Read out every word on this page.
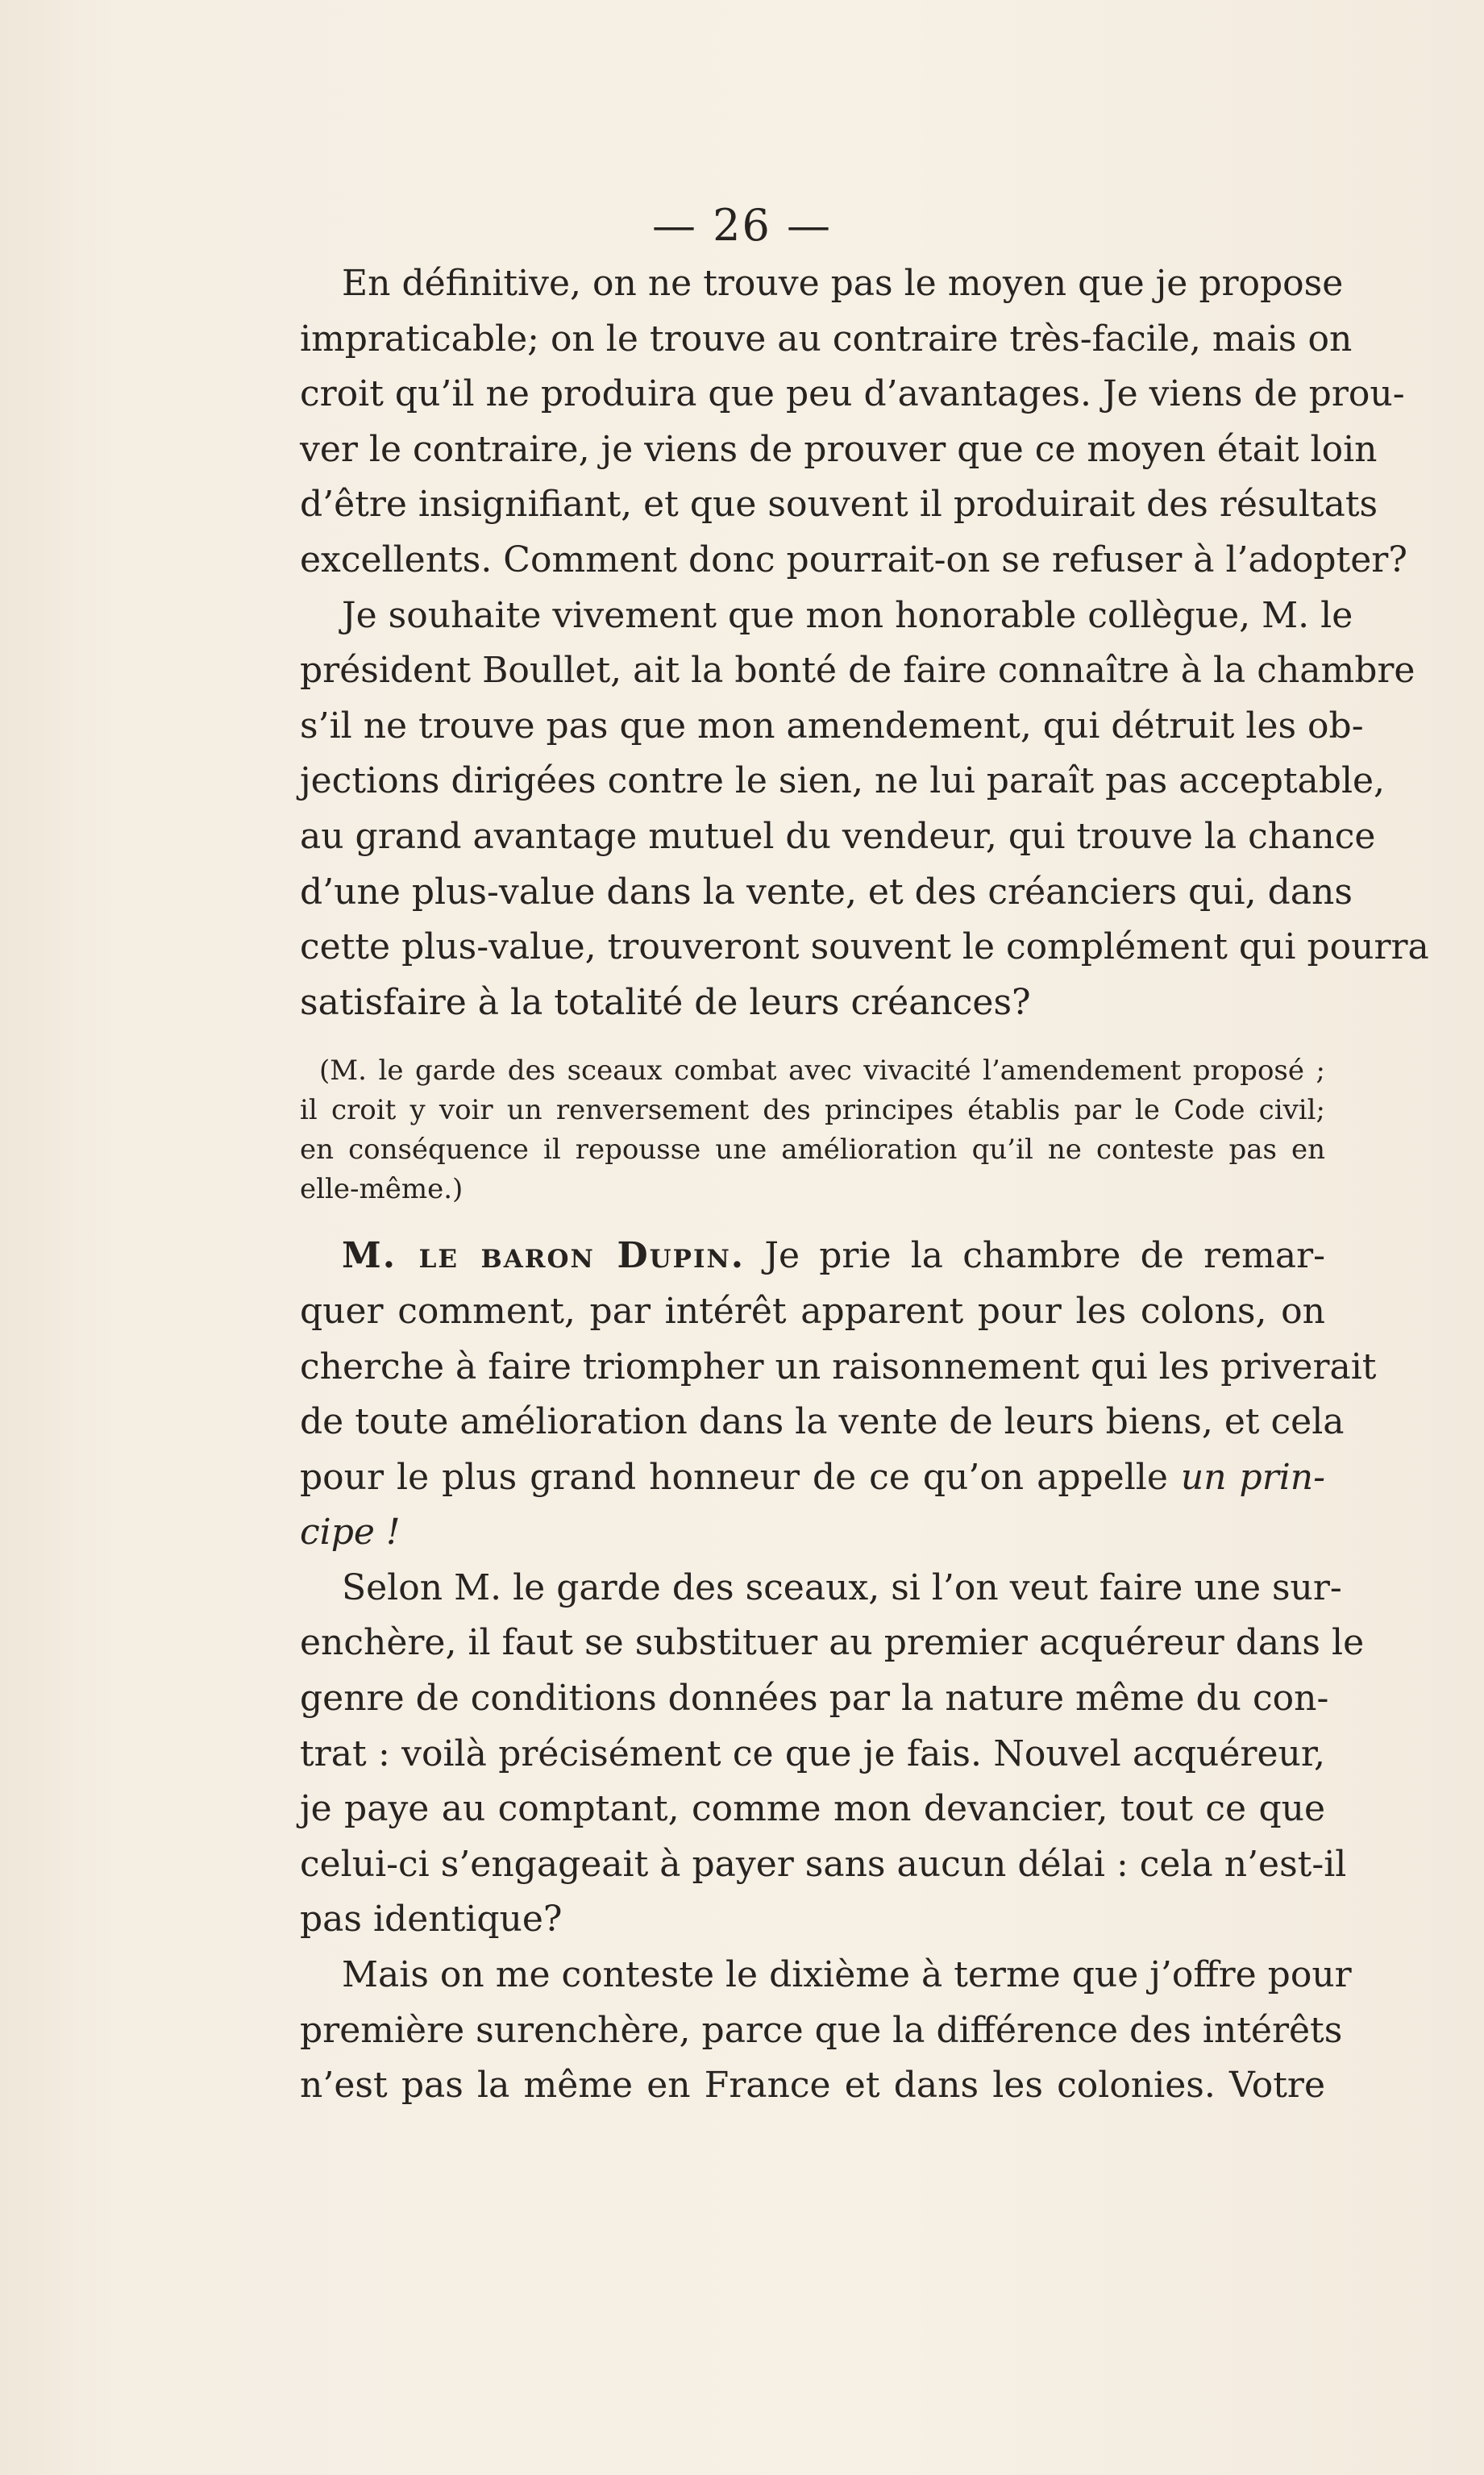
— 26 —
En définitive, on ne trouve pas le moyen que je propose
impraticable; on le trouve au contraire très-facile, mais on
croit qu’il ne produira que peu d’avantages. Je viens de prou-
ver le contraire, je viens de prouver que ce moyen était loin
d’être insignifiant, et que souvent il produirait des résultats
excellents. Comment donc pourrait-on se refuser à l’adopter?
Je souhaite vivement que mon honorable collègue, M. le
président Boullet, ait la bonté de faire connaître à la chambre
s’il ne trouve pas que mon amendement, qui détruit les ob-
jections dirigées contre le sien, ne lui paraît pas acceptable,
au grand avantage mutuel du vendeur, qui trouve la chance
d’une plus-value dans la vente, et des créanciers qui, dans
cette plus-value, trouveront souvent le complément qui pourra
satisfaire à la totalité de leurs créances?
(M. le garde des sceaux combat avec vivacité l’amendement proposé ;
il croit y voir un renversement des principes établis par le Code civil;
en conséquence il repousse une amélioration qu’il ne conteste pas en
elle-même.)
M. le baron Dupin. Je prie la chambre de remar-
quer comment, par intérêt apparent pour les colons, on
cherche à faire triompher un raisonnement qui les priverait
de toute amélioration dans la vente de leurs biens, et cela
pour le plus grand honneur de ce qu’on appelle un prin-
cipe !
Selon M. le garde des sceaux, si l’on veut faire une sur-
enchère, il faut se substituer au premier acquéreur dans le
genre de conditions données par la nature même du con-
trat : voilà précisément ce que je fais. Nouvel acquéreur,
je paye au comptant, comme mon devancier, tout ce que
celui-ci s’engageait à payer sans aucun délai : cela n’est-il
pas identique?
Mais on me conteste le dixième à terme que j’offre pour
première surenchère, parce que la différence des intérêts
n’est pas la même en France et dans les colonies. Votre
